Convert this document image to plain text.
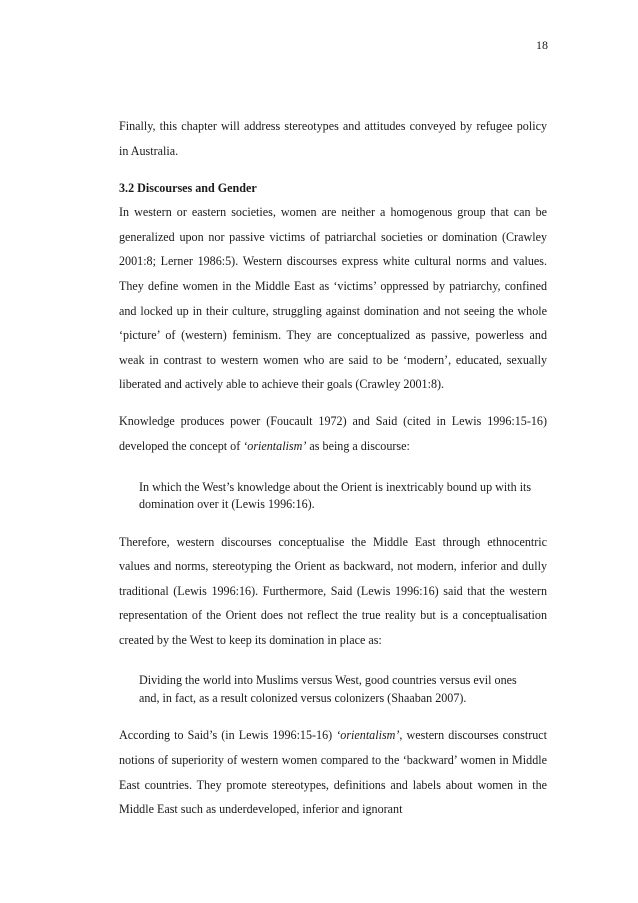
18

Finally, this chapter will address stereotypes and attitudes conveyed by refugee policy in Australia.

3.2 Discourses and Gender

In western or eastern societies, women are neither a homogenous group that can be generalized upon nor passive victims of patriarchal societies or domination (Crawley 2001:8; Lerner 1986:5). Western discourses express white cultural norms and values. They define women in the Middle East as ‘victims’ oppressed by patriarchy, confined and locked up in their culture, struggling against domination and not seeing the whole ‘picture’ of (western) feminism. They are conceptualized as passive, powerless and weak in contrast to western women who are said to be ‘modern’, educated, sexually liberated and actively able to achieve their goals (Crawley 2001:8).

Knowledge produces power (Foucault 1972) and Said (cited in Lewis 1996:15-16) developed the concept of ‘orientalism’ as being a discourse:

In which the West’s knowledge about the Orient is inextricably bound up with its domination over it (Lewis 1996:16).

Therefore, western discourses conceptualise the Middle East through ethnocentric values and norms, stereotyping the Orient as backward, not modern, inferior and dully traditional (Lewis 1996:16). Furthermore, Said (Lewis 1996:16) said that the western representation of the Orient does not reflect the true reality but is a conceptualisation created by the West to keep its domination in place as:

Dividing the world into Muslims versus West, good countries versus evil ones and, in fact, as a result colonized versus colonizers (Shaaban 2007).

According to Said’s (in Lewis 1996:15-16) ‘orientalism’, western discourses construct notions of superiority of western women compared to the ‘backward’ women in Middle East countries. They promote stereotypes, definitions and labels about women in the Middle East such as underdeveloped, inferior and ignorant
